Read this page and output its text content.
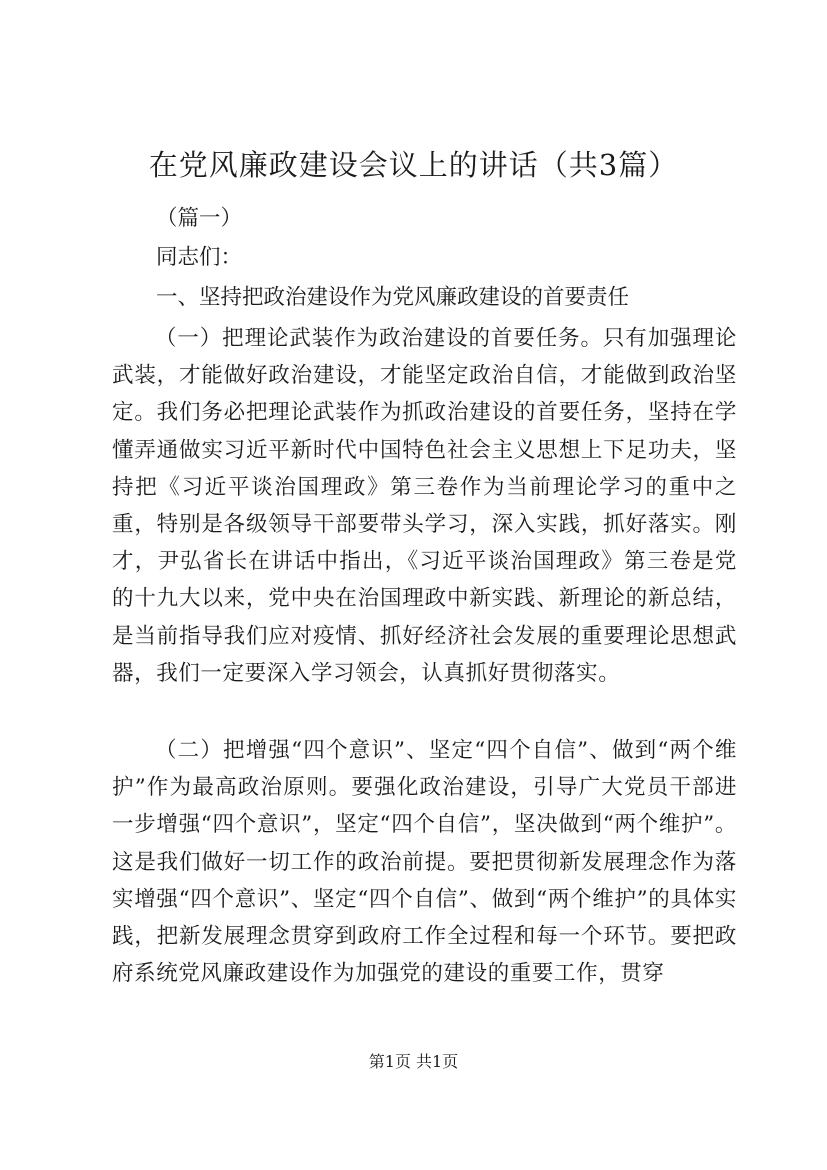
在党风廉政建设会议上的讲话（共3篇）
（篇一）
同志们：
一、坚持把政治建设作为党风廉政建设的首要责任
（一）把理论武装作为政治建设的首要任务。只有加强理论武装，才能做好政治建设，才能坚定政治自信，才能做到政治坚定。我们务必把理论武装作为抓政治建设的首要任务，坚持在学懂弄通做实习近平新时代中国特色社会主义思想上下足功夫，坚持把《习近平谈治国理政》第三卷作为当前理论学习的重中之重，特别是各级领导干部要带头学习，深入实践，抓好落实。刚才，尹弘省长在讲话中指出，《习近平谈治国理政》第三卷是党的十九大以来，党中央在治国理政中新实践、新理论的新总结，是当前指导我们应对疫情、抓好经济社会发展的重要理论思想武器，我们一定要深入学习领会，认真抓好贯彻落实。
（二）把增强“四个意识”、坚定“四个自信”、做到“两个维护”作为最高政治原则。要强化政治建设，引导广大党员干部进一步增强“四个意识”，坚定“四个自信”，坚决做到“两个维护”。这是我们做好一切工作的政治前提。要把贯彻新发展理念作为落实增强“四个意识”、坚定“四个自信”、做到“两个维护”的具体实践，把新发展理念贯穿到政府工作全过程和每一个环节。要把政府系统党风廉政建设作为加强党的建设的重要工作，贯穿
第1页 共1页
